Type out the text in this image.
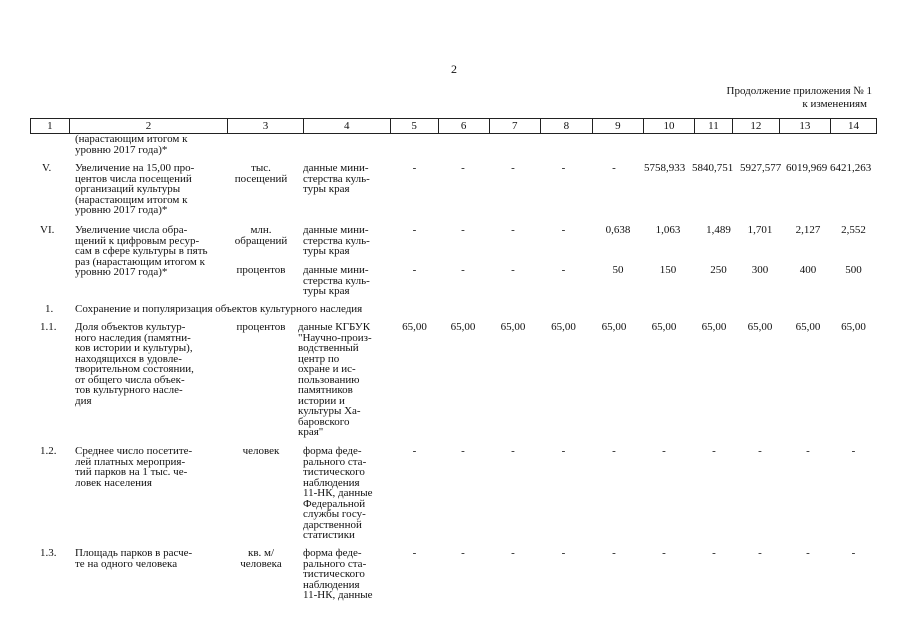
2
Продолжение приложения № 1
к изменениям
1	2	3	4	5	6	7	8	9	10	11	12	13	14
(нарастающим итогом к
уровню 2017 года)*
V. Увеличение на 15,00 про-
центов числа посещений
организаций культуры
(нарастающим итогом к
уровню 2017 года)*
тыс.
посещений
данные мини-
стерства куль-
туры края
-	-	-	-	-	5758,933 5840,751 5927,577 6019,969 6421,263
VI. Увеличение числа обра-
щений к цифровым ресур-
сам в сфере культуры в пять
раз (нарастающим итогом к
уровню 2017 года)*
млн.
обращений
данные мини-
стерства куль-
туры края
-	-	-	-	0,638	1,063	1,489	1,701	2,127	2,552
процентов	данные мини-
стерства куль-
туры края
-	-	-	-	50	150	250	300	400	500
1. Сохранение и популяризация объектов культурного наследия
1.1. Доля объектов культур-
ного наследия (памятни-
ков истории и культуры),
находящихся в удовле-
творительном состоянии,
от общего числа объек-
тов культурного насле-
дия
процентов	данные КГБУК
"Научно-произ-
водственный
центр по
охране и ис-
пользованию
памятников
истории и
культуры Ха-
баровского
края"
65,00	65,00	65,00	65,00	65,00	65,00	65,00	65,00	65,00	65,00
1.2. Среднее число посетите-
лей платных мероприя-
тий парков на 1 тыс. че-
ловек населения
человек	форма феде-
рального ста-
тистического
наблюдения
11-НК, данные
Федеральной
службы госу-
дарственной
статистики
-	-	-	-	-	-	-	-	-	-
1.3. Площадь парков в расче-
те на одного человека
кв. м/
человека
форма феде-
рального ста-
тистического
наблюдения
11-НК, данные
-	-	-	-	-	-	-	-	-	-
